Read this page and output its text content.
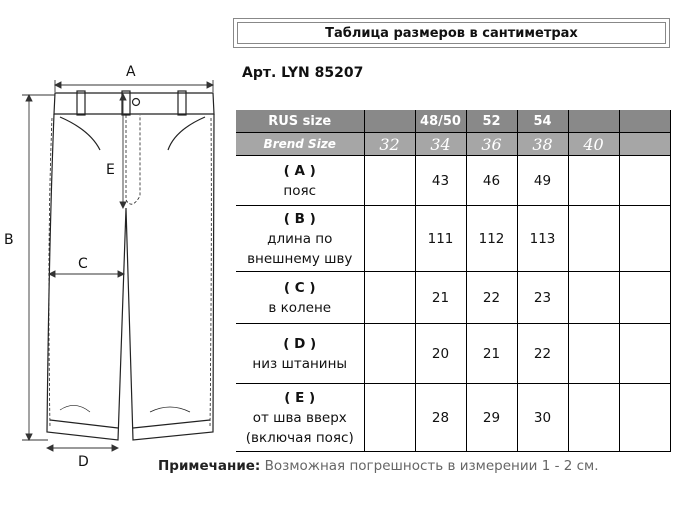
Таблица размеров в сантиметрах
Арт. LYN 85207
A
B
C
D
E
RUS size		48/50	52	54		
Brend Size	32	34	36	38	40	

( A )
пояс		43	46	49		

( B )
длина по
внешнему шву		111	112	113		

( C )
в колене		21	22	23		

( D )
низ штанины		20	21	22		

( E )
от шва вверх
(включая пояс)		28	29	30		
Примечание: Возможная погрешность в измерении 1 - 2 см.
